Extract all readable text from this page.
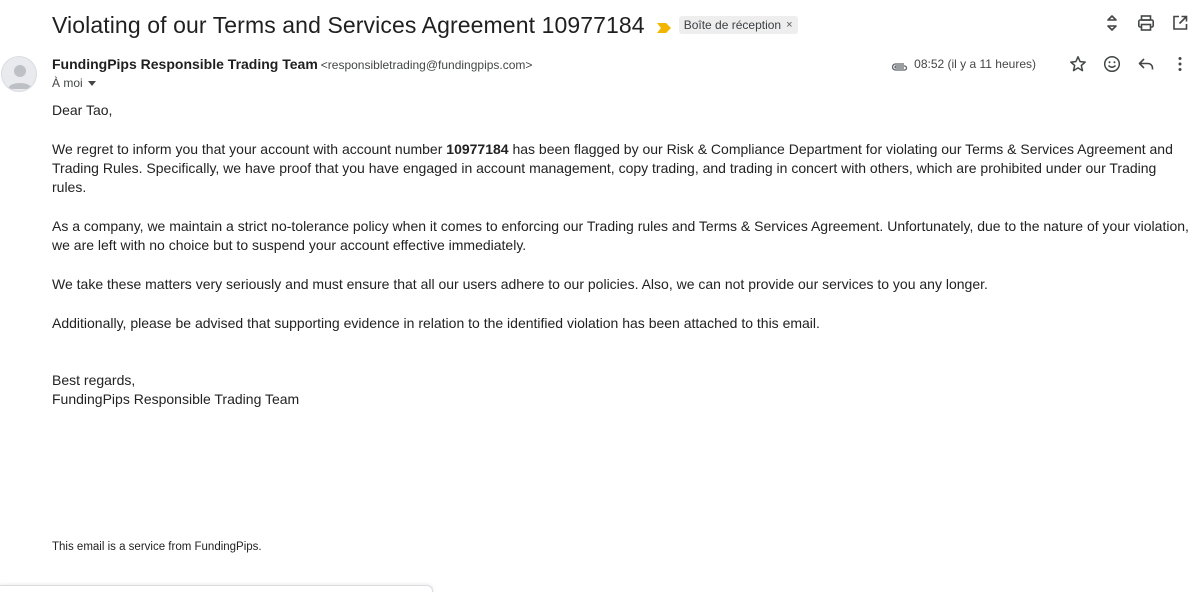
Violating of our Terms and Services Agreement 10977184	Boîte de réception ×
FundingPips Responsible Trading Team <responsibletrading@fundingpips.com>
À moi
08:52 (il y a 11 heures)

Dear Tao,

We regret to inform you that your account with account number 10977184 has been flagged by our Risk & Compliance Department for violating our Terms & Services Agreement and Trading Rules. Specifically, we have proof that you have engaged in account management, copy trading, and trading in concert with others, which are prohibited under our Trading rules.

As a company, we maintain a strict no-tolerance policy when it comes to enforcing our Trading rules and Terms & Services Agreement. Unfortunately, due to the nature of your violation, we are left with no choice but to suspend your account effective immediately.

We take these matters very seriously and must ensure that all our users adhere to our policies. Also, we can not provide our services to you any longer.

Additionally, please be advised that supporting evidence in relation to the identified violation has been attached to this email.

Best regards,

FundingPips Responsible Trading Team

This email is a service from FundingPips.
